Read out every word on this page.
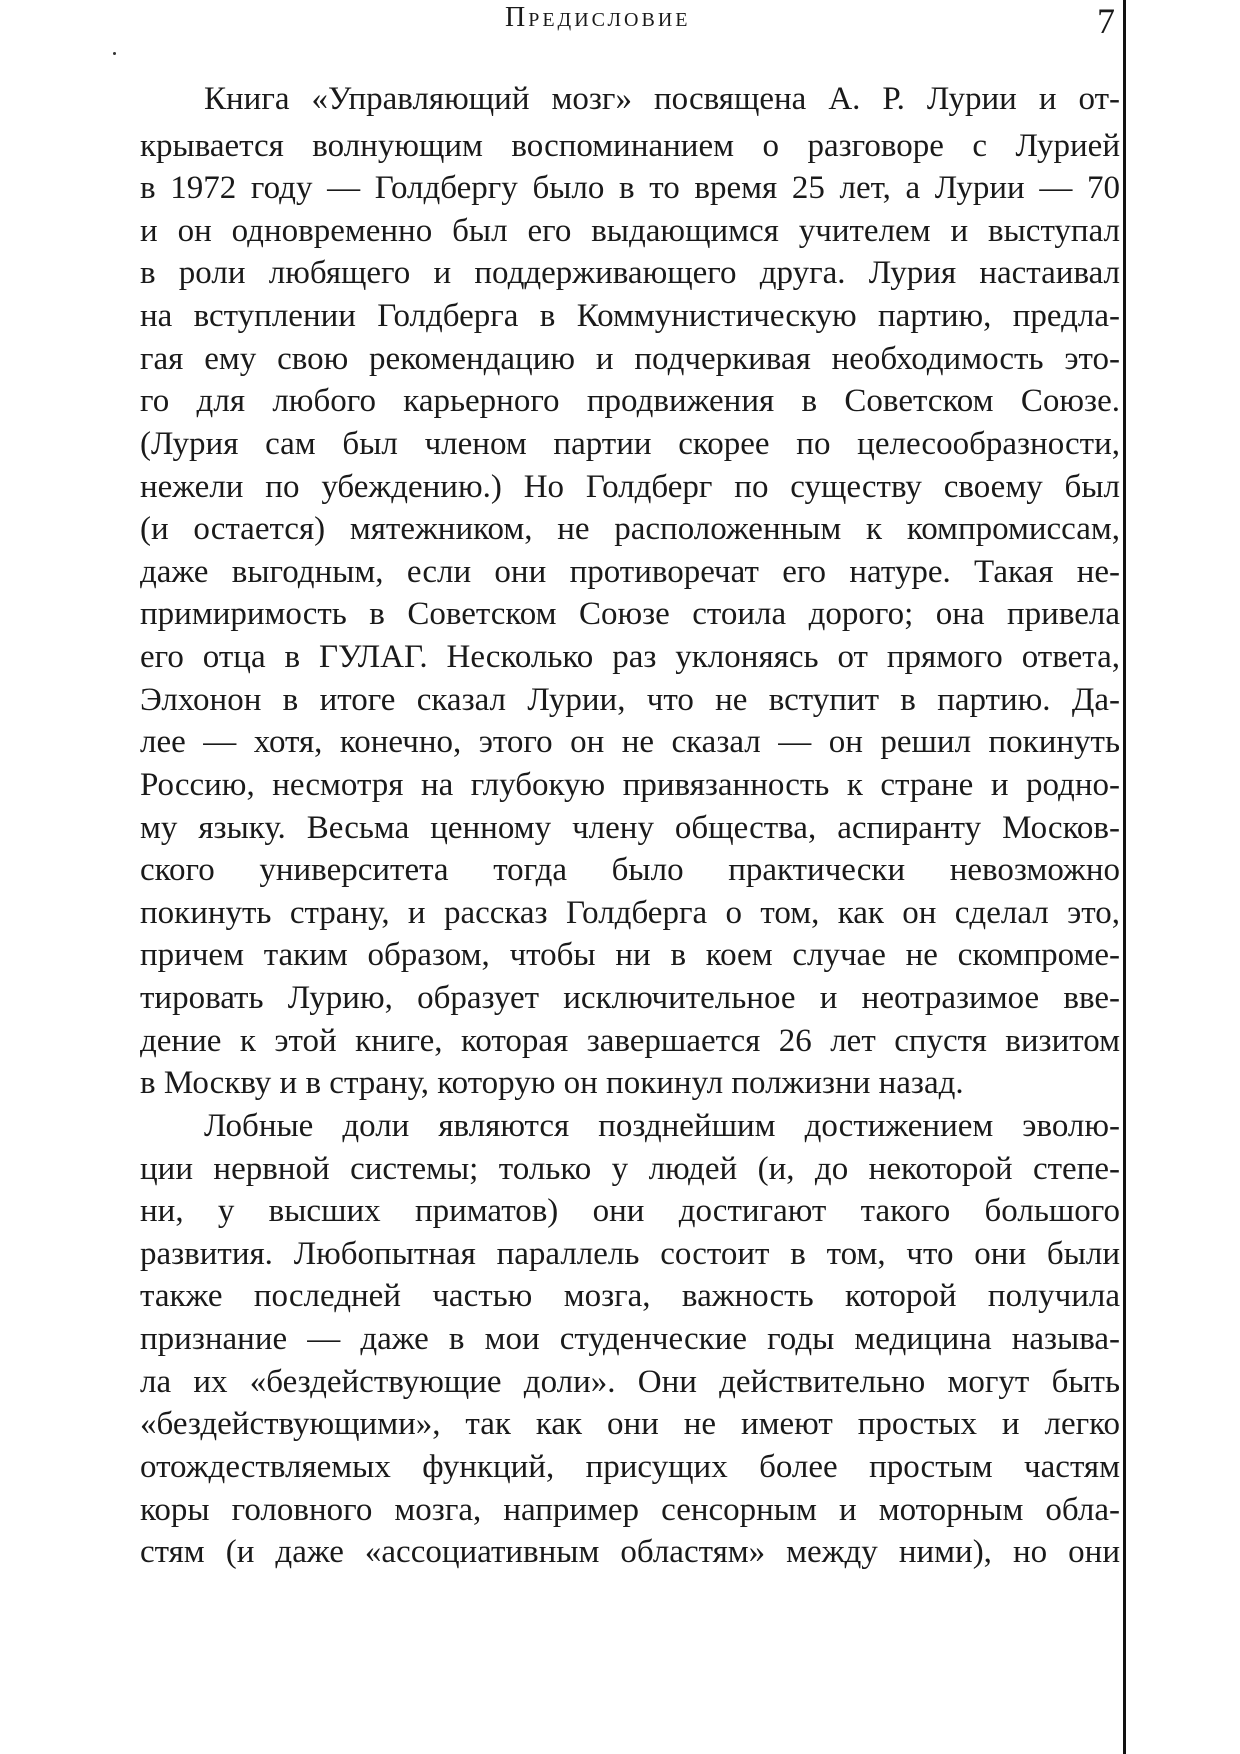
Предисловие	7
Книга «Управляющий мозг» посвящена А. Р. Лурии и от-
крывается волнующим воспоминанием о разговоре с Лурией
в 1972 году — Голдбергу было в то время 25 лет, а Лурии — 70
и он одновременно был его выдающимся учителем и выступал
в роли любящего и поддерживающего друга. Лурия настаивал
на вступлении Голдберга в Коммунистическую партию, предла-
гая ему свою рекомендацию и подчеркивая необходимость это-
го для любого карьерного продвижения в Советском Союзе.
(Лурия сам был членом партии скорее по целесообразности,
нежели по убеждению.) Но Голдберг по существу своему был
(и остается) мятежником, не расположенным к компромиссам,
даже выгодным, если они противоречат его натуре. Такая не-
примиримость в Советском Союзе стоила дорого; она привела
его отца в ГУЛАГ. Несколько раз уклоняясь от прямого ответа,
Элхонон в итоге сказал Лурии, что не вступит в партию. Да-
лее — хотя, конечно, этого он не сказал — он решил покинуть
Россию, несмотря на глубокую привязанность к стране и родно-
му языку. Весьма ценному члену общества, аспиранту Москов-
ского университета тогда было практически невозможно
покинуть страну, и рассказ Голдберга о том, как он сделал это,
причем таким образом, чтобы ни в коем случае не скомпроме-
тировать Лурию, образует исключительное и неотразимое вве-
дение к этой книге, которая завершается 26 лет спустя визитом
в Москву и в страну, которую он покинул полжизни назад.
Лобные доли являются позднейшим достижением эволю-
ции нервной системы; только у людей (и, до некоторой степе-
ни, у высших приматов) они достигают такого большого
развития. Любопытная параллель состоит в том, что они были
также последней частью мозга, важность которой получила
признание — даже в мои студенческие годы медицина называ-
ла их «бездействующие доли». Они действительно могут быть
«бездействующими», так как они не имеют простых и легко
отождествляемых функций, присущих более простым частям
коры головного мозга, например сенсорным и моторным обла-
стям (и даже «ассоциативным областям» между ними), но они
